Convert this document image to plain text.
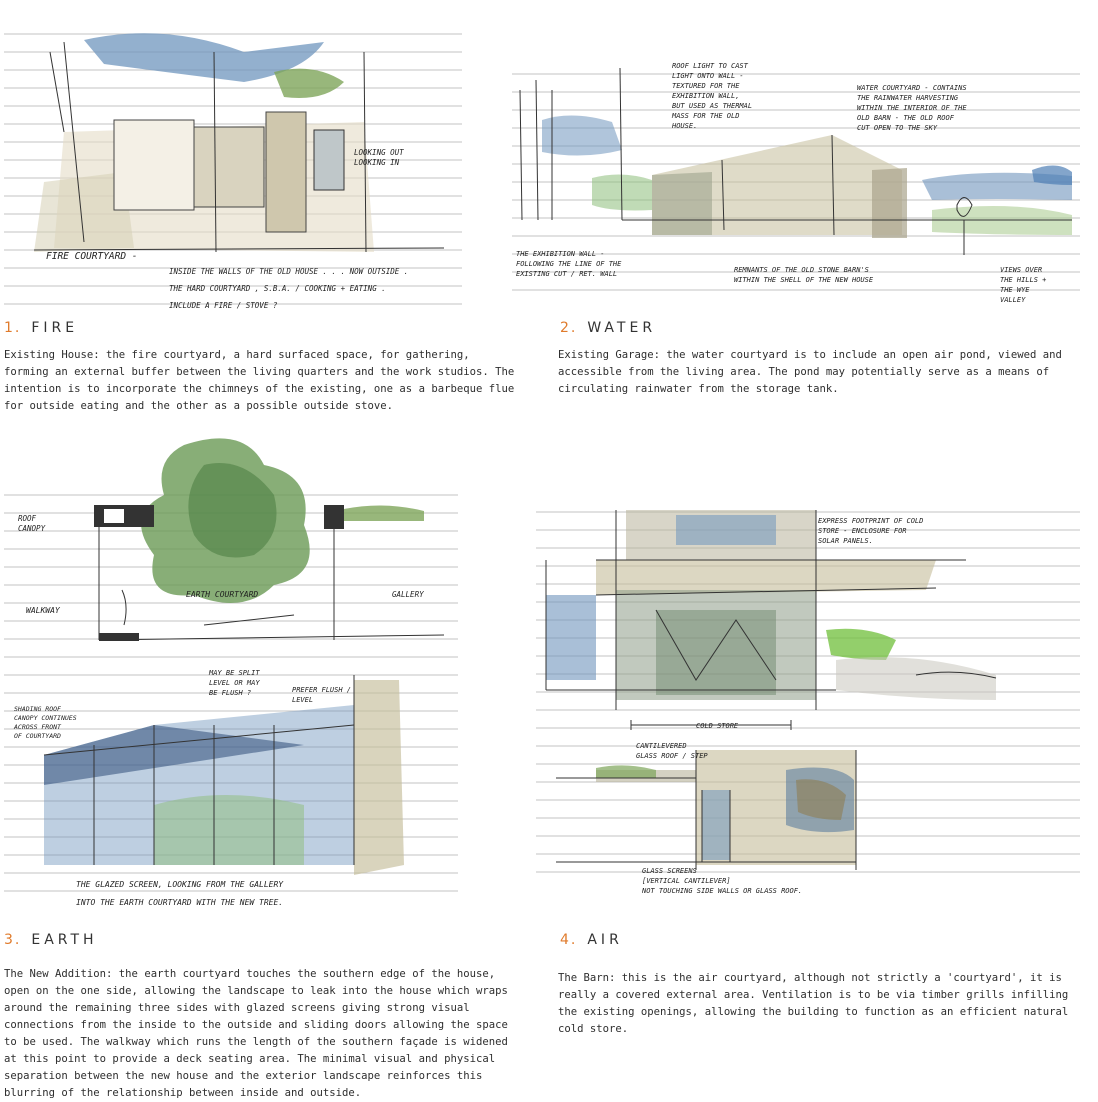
LOOKING OUT
LOOKING IN
FIRE COURTYARD -
INSIDE THE WALLS OF THE OLD HOUSE . . . NOW OUTSIDE .
THE HARD COURTYARD , S.B.A. / COOKING + EATING .
INCLUDE A FIRE / STOVE ?
1. FIRE

Existing House: the fire courtyard, a hard surfaced space, for gathering, forming an external buffer between the living quarters and the work studios. The intention is to incorporate the chimneys of the existing, one as a barbeque flue for outside eating and the other as a possible outside stove.

ROOF LIGHT TO CAST LIGHT ONTO WALL -TEXTURED FOR THE EXHIBITION WALL, BUT USED AS THERMAL MASS FOR THE OLD HOUSE.
WATER COURTYARD - CONTAINS THE RAINWATER HARVESTING WITHIN THE INTERIOR OF THE OLD BARN - THE OLD ROOF CUT OPEN TO THE SKY
THE EXHIBITION WALL -FOLLOWING THE LINE OF THE EXISTING CUT / RET. WALL	REMNANTS OF THE OLD STONE BARN'S WITHIN THE SHELL OF THE NEW HOUSE
VIEWS OVER THE HILLS + THE WYE VALLEY
2. WATER

Existing Garage: the water courtyard is to include an open air pond, viewed and accessible from the living area. The pond may potentially serve as a means of circulating rainwater from the storage tank.

ROOF CANOPY
EARTH COURTYARD	GALLERY
WALKWAY
MAY BE SPLIT LEVEL OR MAY BE FLUSH ?	PREFER FLUSH / LEVEL
SHADING ROOF CANOPY CONTINUES ACROSS FRONT OF COURTYARD
THE GLAZED SCREEN, LOOKING FROM THE GALLERY
INTO THE EARTH COURTYARD WITH THE NEW TREE.
3. EARTH

The New Addition: the earth courtyard touches the southern edge of the house, open on the one side, allowing the landscape to leak into the house which wraps around the remaining three sides with glazed screens giving strong visual connections from the inside to the outside and sliding doors allowing the space to be used. The walkway which runs the length of the southern façade is widened at this point to provide a deck seating area. The minimal visual and physical separation between the new house and the exterior landscape reinforces this blurring of the relationship between inside and outside.

EXPRESS FOOTPRINT OF COLD STORE - ENCLOSURE FOR SOLAR PANELS.
COLD STORE
CANTILEVERED GLASS ROOF / STEP
GLASS SCREENS [VERTICAL CANTILEVER] NOT TOUCHING SIDE WALLS OR GLASS ROOF.
4. AIR

The Barn: this is the air courtyard, although not strictly a 'courtyard', it is really a covered external area. Ventilation is to be via timber grills infilling the existing openings, allowing the building to function as an efficient natural cold store.
